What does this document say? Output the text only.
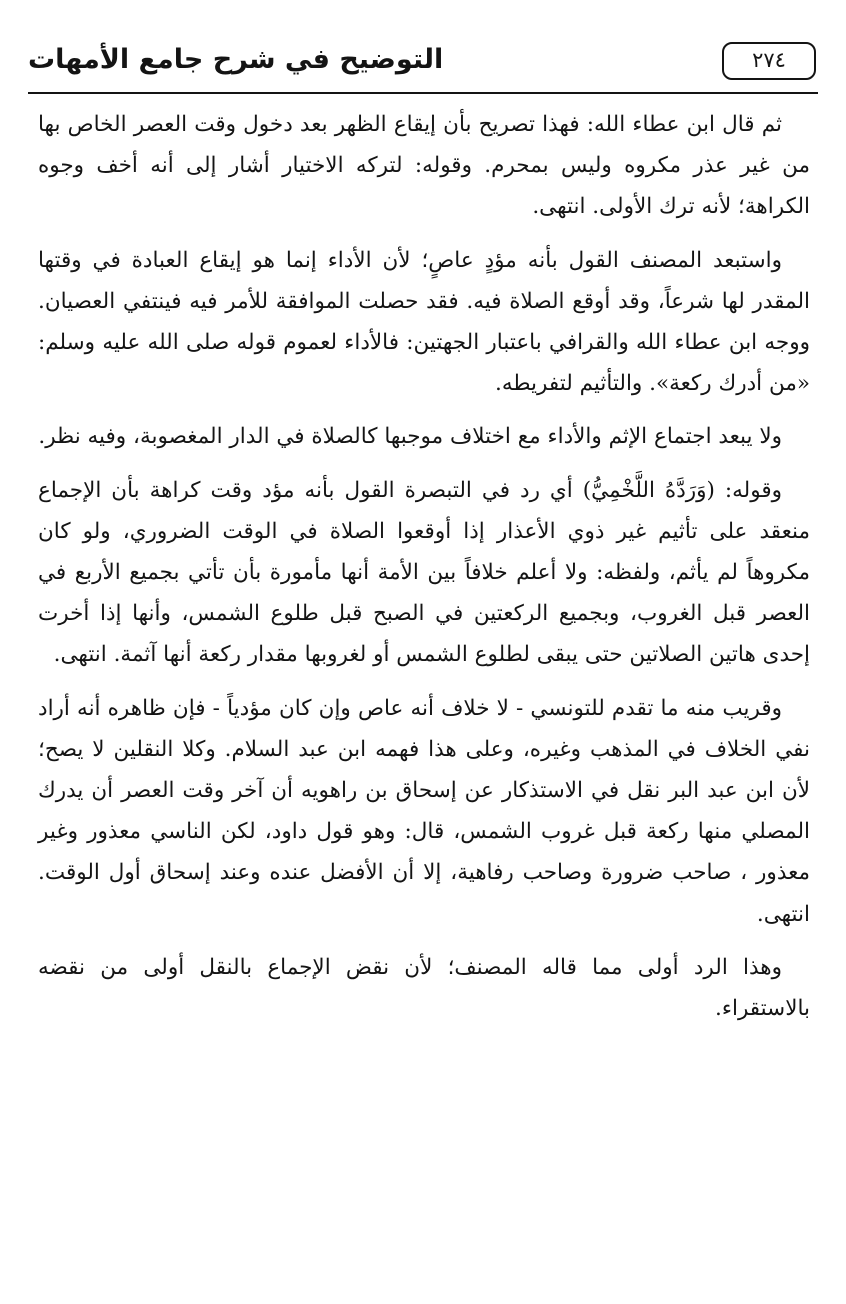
التوضيح في شرح جامع الأمهات	٢٧٤

ثم قال ابن عطاء الله: فهذا تصريح بأن إيقاع الظهر بعد دخول وقت العصر الخاص بها من غير عذر مكروه وليس بمحرم. وقوله: لتركه الاختيار أشار إلى أنه أخف وجوه الكراهة؛ لأنه ترك الأولى. انتهى.

واستبعد المصنف القول بأنه مؤدٍ عاصٍ؛ لأن الأداء إنما هو إيقاع العبادة في وقتها المقدر لها شرعاً، وقد أوقع الصلاة فيه. فقد حصلت الموافقة للأمر فيه فينتفي العصيان. ووجه ابن عطاء الله والقرافي باعتبار الجهتين: فالأداء لعموم قوله صلى الله عليه وسلم: «من أدرك ركعة». والتأثيم لتفريطه.

ولا يبعد اجتماع الإثم والأداء مع اختلاف موجبها كالصلاة في الدار المغصوبة، وفيه نظر.

وقوله: (وَرَدَّهُ اللَّخْمِيُّ) أي رد في التبصرة القول بأنه مؤد وقت كراهة بأن الإجماع منعقد على تأثيم غير ذوي الأعذار إذا أوقعوا الصلاة في الوقت الضروري، ولو كان مكروهاً لم يأثم، ولفظه: ولا أعلم خلافاً بين الأمة أنها مأمورة بأن تأتي بجميع الأربع في العصر قبل الغروب، وبجميع الركعتين في الصبح قبل طلوع الشمس، وأنها إذا أخرت إحدى هاتين الصلاتين حتى يبقى لطلوع الشمس أو لغروبها مقدار ركعة أنها آثمة. انتهى.

وقريب منه ما تقدم للتونسي - لا خلاف أنه عاص وإن كان مؤدياً - فإن ظاهره أنه أراد نفي الخلاف في المذهب وغيره، وعلى هذا فهمه ابن عبد السلام. وكلا النقلين لا يصح؛ لأن ابن عبد البر نقل في الاستذكار عن إسحاق بن راهويه أن آخر وقت العصر أن يدرك المصلي منها ركعة قبل غروب الشمس، قال: وهو قول داود، لكن الناسي معذور وغير معذور ، صاحب ضرورة وصاحب رفاهية، إلا أن الأفضل عنده وعند إسحاق أول الوقت. انتهى.

وهذا الرد أولى مما قاله المصنف؛ لأن نقض الإجماع بالنقل أولى من نقضه بالاستقراء.
